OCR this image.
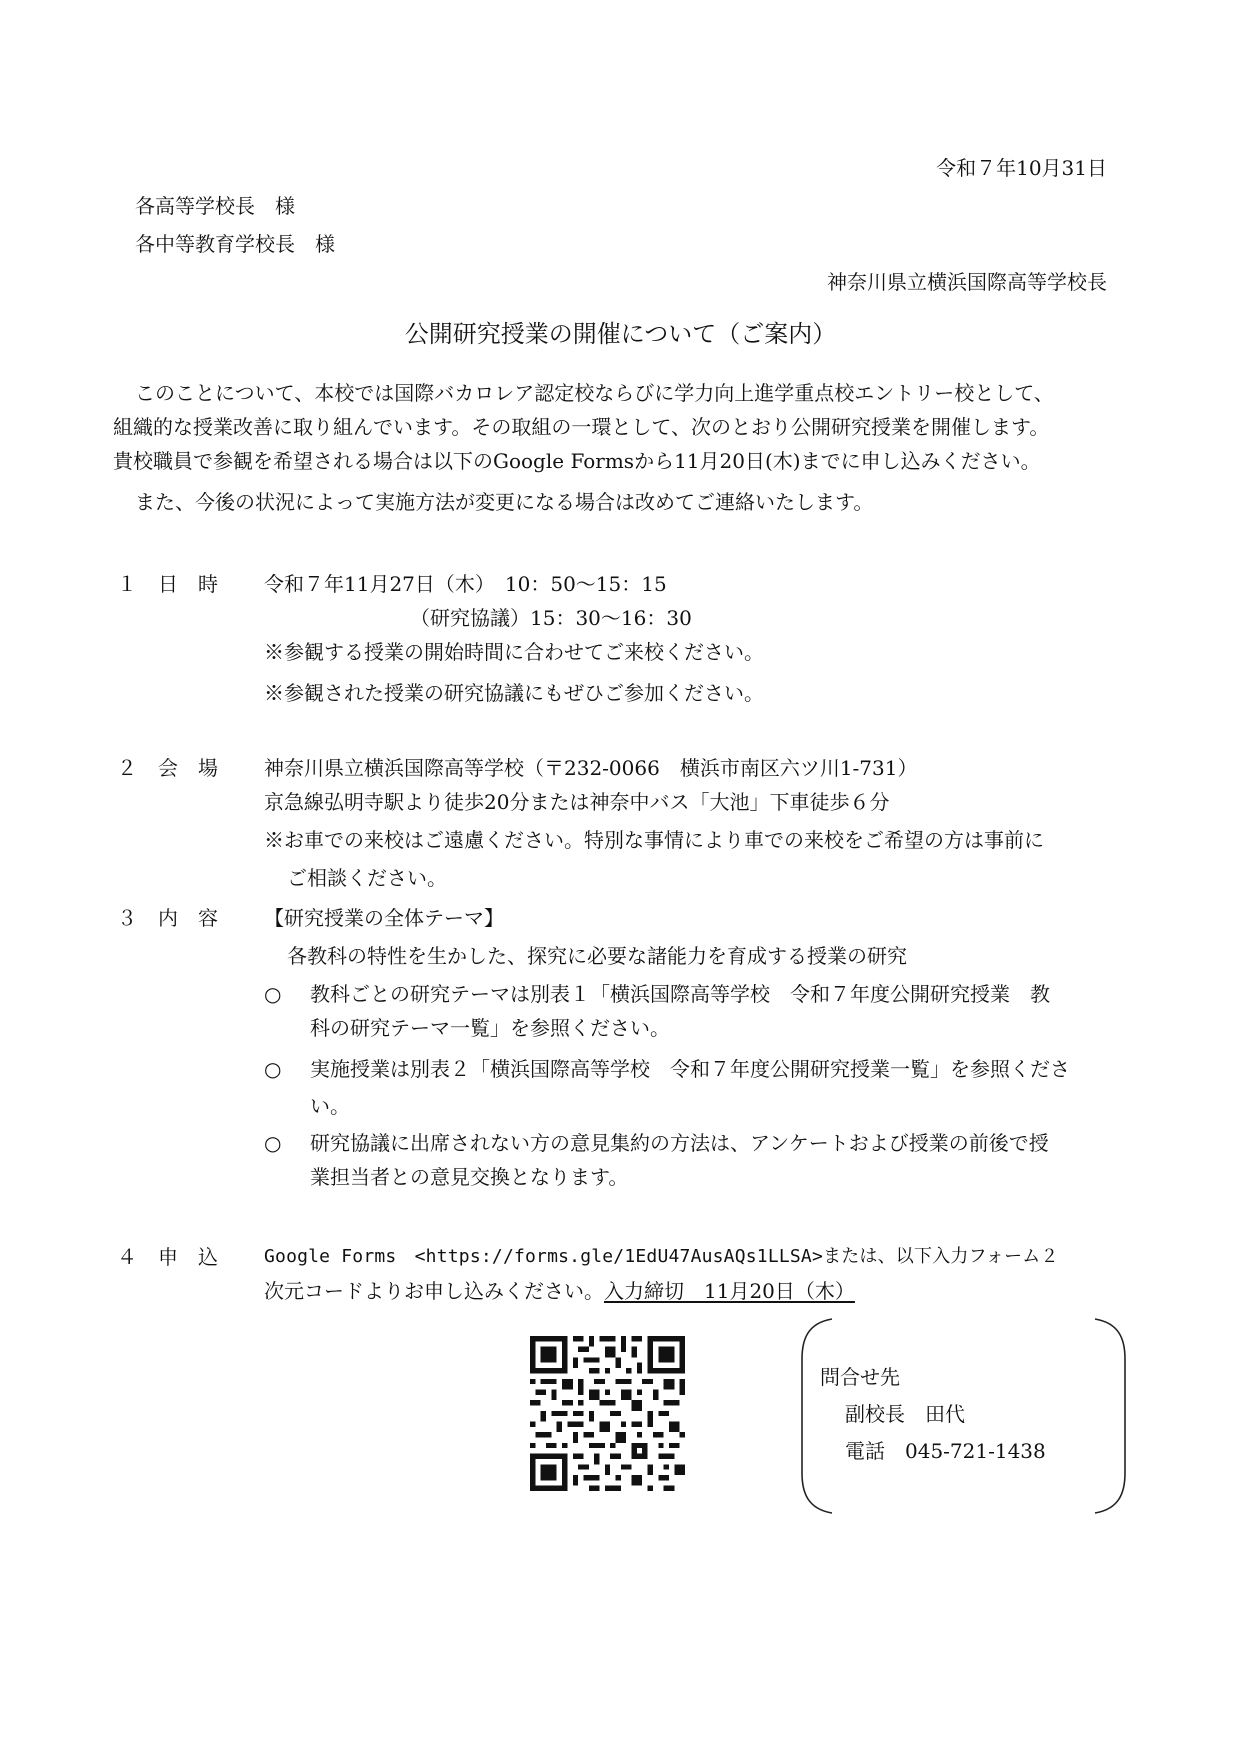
令和７年10月31日
各高等学校長　様
各中等教育学校長　様
神奈川県立横浜国際高等学校長
公開研究授業の開催について（ご案内）
このことについて、本校では国際バカロレア認定校ならびに学力向上進学重点校エントリー校として、
組織的な授業改善に取り組んでいます。その取組の一環として、次のとおり公開研究授業を開催します。
貴校職員で参観を希望される場合は以下のGoogle Formsから11月20日(木)までに申し込みください。
また、今後の状況によって実施方法が変更になる場合は改めてご連絡いたします。
１ 日　時 令和７年11月27日（木）　10：50～15：15
（研究協議）15：30～16：30
※参観する授業の開始時間に合わせてご来校ください。
※参観された授業の研究協議にもぜひご参加ください。
２ 会　場 神奈川県立横浜国際高等学校（〒232-0066　横浜市南区六ツ川1-731）
京急線弘明寺駅より徒歩20分または神奈中バス「大池」下車徒歩６分
※お車での来校はご遠慮ください。特別な事情により車での来校をご希望の方は事前に
ご相談ください。
３ 内　容 【研究授業の全体テーマ】
各教科の特性を生かした、探究に必要な諸能力を育成する授業の研究
○ 教科ごとの研究テーマは別表１「横浜国際高等学校　令和７年度公開研究授業　教
科の研究テーマ一覧」を参照ください。
○ 実施授業は別表２「横浜国際高等学校　令和７年度公開研究授業一覧」を参照くださ
い。
○ 研究協議に出席されない方の意見集約の方法は、アンケートおよび授業の前後で授
業担当者との意見交換となります。
４ 申　込	Google Forms　<https://forms.gle/1EdU47AusAQs1LLSA>または、以下入力フォーム２
次元コードよりお申し込みください。入力締切　11月20日（木）
問合せ先
副校長　田代
電話　045-721-1438
